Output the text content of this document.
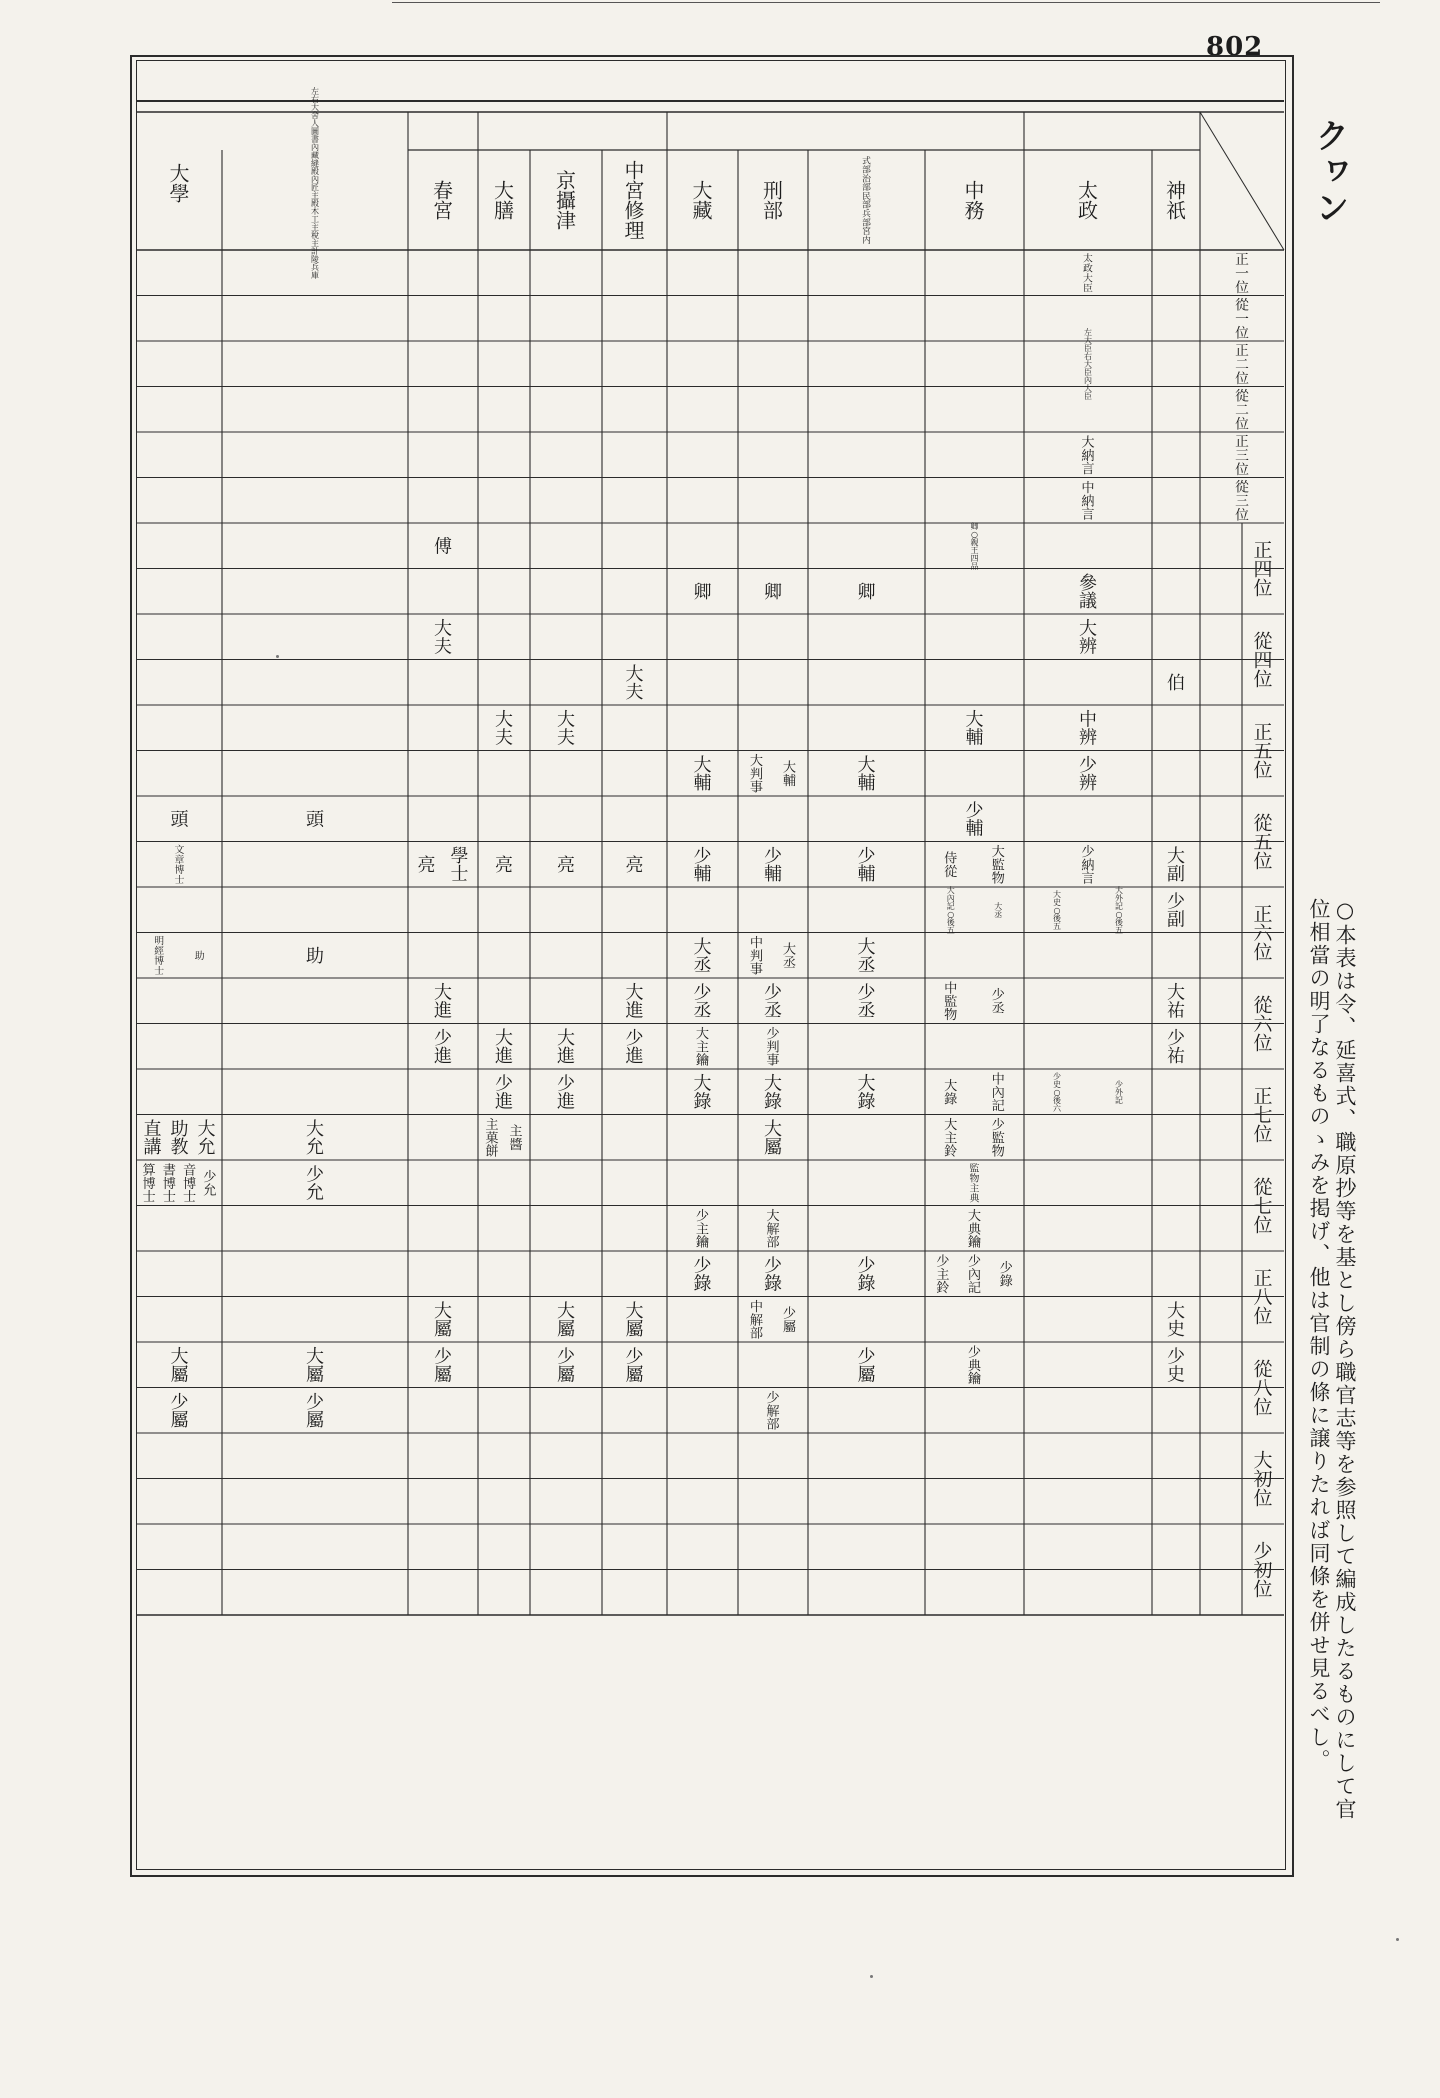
802
クヮン
神
祇
太
政
中
務
式
部
治
部
民
部
兵
部
宮
内
刑
部
大
藏
中
宮
修
理
京
攝
津
大
膳
春
宮
左
右
大
舍
人
圖
書
內
藏
縫
殿
內
匠
主
殿
木
工
主
稅
主
計
陵
兵
庫
大
學
正
一
位
從
一
位
正
二
位
從
二
位
正
三
位
從
三
位
正
四
位
從
四
位
正
五
位
從
五
位
正
六
位
從
六
位
正
七
位
從
七
位
正
八
位
從
八
位
大
初
位
少
初
位
太
政
大
臣
左
大
臣
右
大
臣
內
大
臣
大
納
言
中
納
言
卿
○
親
王
四
品
傅
參
議
卿
卿
卿
大
辨
大
夫
伯
大
夫
中
辨
大
輔
大
夫
大
夫
少
辨
大
輔
大
輔
大
判
事
大
輔
少
輔
頭
頭
大
副
少
納
言
大
監
物
侍
從
少
輔
少
輔
少
輔
亮
亮
亮
學
士
亮
文
章
博
士
少
副
大
外
記
○
後
五
大
史
○
後
五
大
丞
大
內
記
○
後
五
大
丞
大
丞
中
判
事
大
丞
助
助
明
經
博
士
大
祐
少
丞
中
監
物
少
丞
少
丞
少
丞
大
進
大
進
少
祐
少
判
事
大
主
鑰
少
進
大
進
大
進
少
進
少
外
記
少
史
○
後
六
中
內
記
大
錄
大
錄
大
錄
大
錄
少
進
少
進
少
監
物
大
主
鈴
大
屬
主
醬
主
菓
餅
大
允
大
允
助
教
直
講
監
物
主
典
少
允
少
允
音
博
士
書
博
士
算
博
士
大
典
鑰
大
解
部
少
主
鑰
少
錄
少
內
記
少
主
鈴
少
錄
少
錄
少
錄
大
史
少
屬
中
解
部
大
屬
大
屬
大
屬
少
史
少
典
鑰
少
屬
少
屬
少
屬
少
屬
大
屬
大
屬
少
解
部
少
屬
少
屬	○本表は令、延喜式、職原抄等を基とし傍ら職官志等を参照して編成したるものにして官

位相當の明了なるものゝみを掲げ、他は官制の條に譲りたれば同條を併せ見るべし。
